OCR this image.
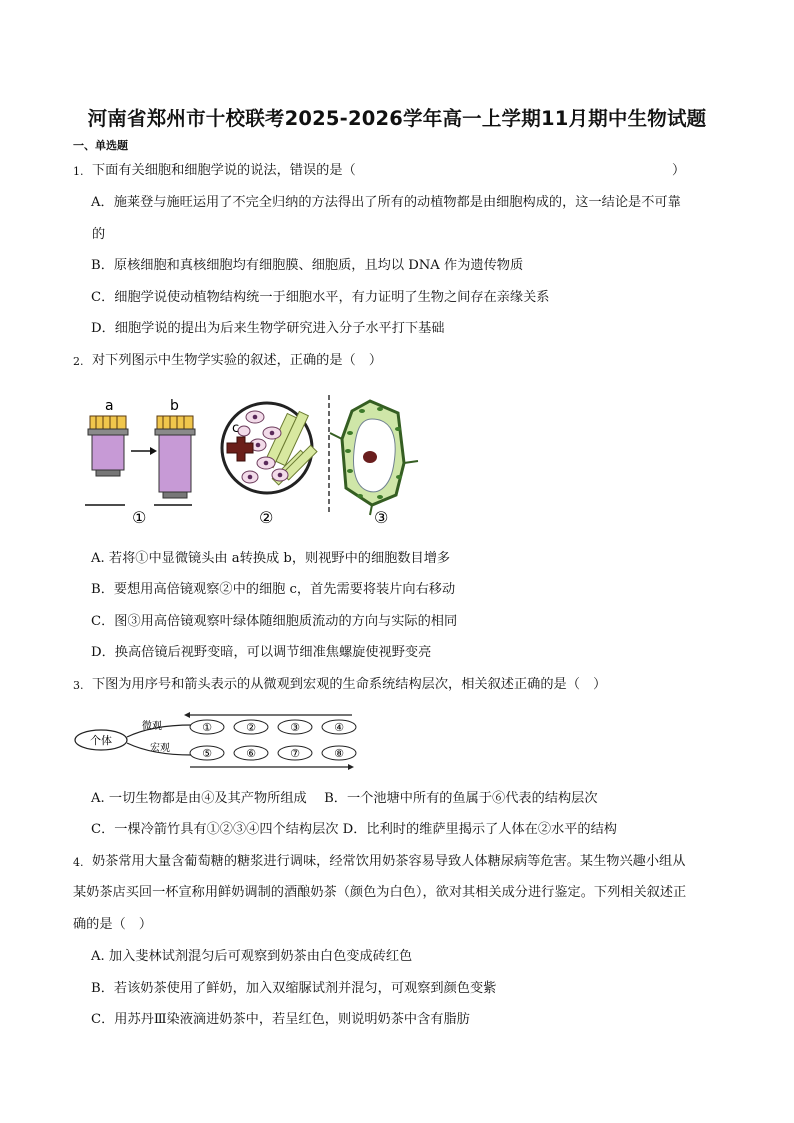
河南省郑州市十校联考2025-2026学年高一上学期11月期中生物试题
一、单选题
1. 下面有关细胞和细胞学说的说法，错误的是（	）
A．施莱登与施旺运用了不完全归纳的方法得出了所有的动植物都是由细胞构成的，这一结论是不可靠
的
B．原核细胞和真核细胞均有细胞膜、细胞质，且均以 DNA 作为遗传物质
C．细胞学说使动植物结构统一于细胞水平，有力证明了生物之间存在亲缘关系
D．细胞学说的提出为后来生物学研究进入分子水平打下基础
2. 对下列图示中生物学实验的叙述，正确的是（　）
a	b
①
c
②	③
A. 若将①中显微镜头由 a转换成 b，则视野中的细胞数目增多
B．要想用高倍镜观察②中的细胞 c，首先需要将装片向右移动
C．图③用高倍镜观察叶绿体随细胞质流动的方向与实际的相同
D．换高倍镜后视野变暗，可以调节细准焦螺旋使视野变亮
3. 下图为用序号和箭头表示的从微观到宏观的生命系统结构层次，相关叙述正确的是（　）
个体
微观
宏观
①	②	③	④
⑤	⑥	⑦	⑧
A. 一切生物都是由④及其产物所组成　 B．一个池塘中所有的鱼属于⑥代表的结构层次
C．一棵冷箭竹具有①②③④四个结构层次 D．比利时的维萨里揭示了人体在②水平的结构
4. 奶茶常用大量含葡萄糖的糖浆进行调味，经常饮用奶茶容易导致人体糖尿病等危害。某生物兴趣小组从
某奶茶店买回一杯宣称用鲜奶调制的酒酿奶茶（颜色为白色），欲对其相关成分进行鉴定。下列相关叙述正
确的是（　）
A. 加入斐林试剂混匀后可观察到奶茶由白色变成砖红色
B．若该奶茶使用了鲜奶，加入双缩脲试剂并混匀，可观察到颜色变紫
C．用苏丹Ⅲ染液滴进奶茶中，若呈红色，则说明奶茶中含有脂肪
